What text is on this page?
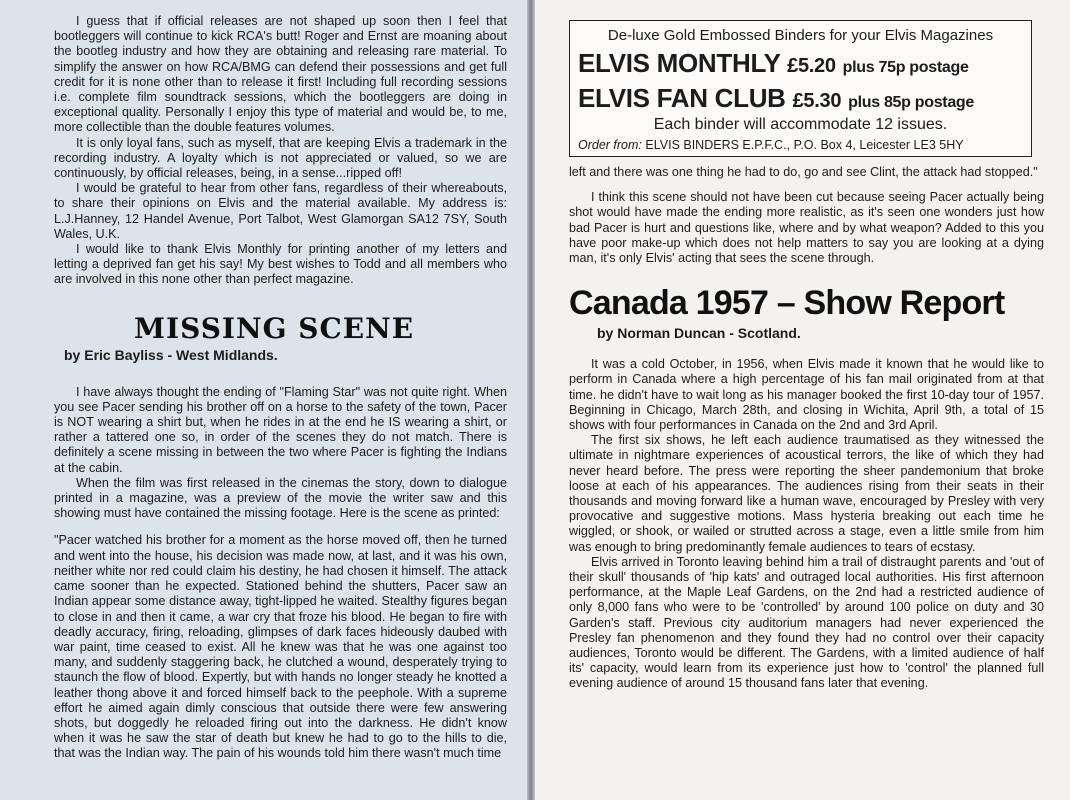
I guess that if official releases are not shaped up soon then I feel that bootleggers will continue to kick RCA's butt! Roger and Ernst are moaning about the bootleg industry and how they are obtaining and releasing rare material. To simplify the answer on how RCA/BMG can defend their possessions and get full credit for it is none other than to release it first! Including full recording sessions i.e. complete film soundtrack sessions, which the bootleggers are doing in exceptional quality. Personally I enjoy this type of material and would be, to me, more collectible than the double features volumes.

It is only loyal fans, such as myself, that are keeping Elvis a trademark in the recording industry. A loyalty which is not appreciated or valued, so we are continuously, by official releases, being, in a sense...ripped off!

I would be grateful to hear from other fans, regardless of their whereabouts, to share their opinions on Elvis and the material available. My address is: L.J.Hanney, 12 Handel Avenue, Port Talbot, West Glamorgan SA12 7SY, South Wales, U.K.

I would like to thank Elvis Monthly for printing another of my letters and letting a deprived fan get his say! My best wishes to Todd and all members who are involved in this none other than perfect magazine.

MISSING SCENE
by Eric Bayliss - West Midlands.

I have always thought the ending of "Flaming Star" was not quite right. When you see Pacer sending his brother off on a horse to the safety of the town, Pacer is NOT wearing a shirt but, when he rides in at the end he IS wearing a shirt, or rather a tattered one so, in order of the scenes they do not match. There is definitely a scene missing in between the two where Pacer is fighting the Indians at the cabin.

When the film was first released in the cinemas the story, down to dialogue printed in a magazine, was a preview of the movie the writer saw and this showing must have contained the missing footage. Here is the scene as printed:

"Pacer watched his brother for a moment as the horse moved off, then he turned and went into the house, his decision was made now, at last, and it was his own, neither white nor red could claim his destiny, he had chosen it himself. The attack came sooner than he expected. Stationed behind the shutters, Pacer saw an Indian appear some distance away, tight-lipped he waited. Stealthy figures began to close in and then it came, a war cry that froze his blood. He began to fire with deadly accuracy, firing, reloading, glimpses of dark faces hideously daubed with war paint, time ceased to exist. All he knew was that he was one against too many, and suddenly staggering back, he clutched a wound, desperately trying to staunch the flow of blood. Expertly, but with hands no longer steady he knotted a leather thong above it and forced himself back to the peephole. With a supreme effort he aimed again dimly conscious that outside there were few answering shots, but doggedly he reloaded firing out into the darkness. He didn't know when it was he saw the star of death but knew he had to go to the hills to die, that was the Indian way. The pain of his wounds told him there wasn't much time

De-luxe Gold Embossed Binders for your Elvis Magazines
ELVIS MONTHLY £5.20 plus 75p postage
ELVIS FAN CLUB £5.30 plus 85p postage
Each binder will accommodate 12 issues.
Order from: ELVIS BINDERS E.P.F.C., P.O. Box 4, Leicester LE3 5HY

left and there was one thing he had to do, go and see Clint, the attack had stopped."

I think this scene should not have been cut because seeing Pacer actually being shot would have made the ending more realistic, as it's seen one wonders just how bad Pacer is hurt and questions like, where and by what weapon? Added to this you have poor make-up which does not help matters to say you are looking at a dying man, it's only Elvis' acting that sees the scene through.

Canada 1957 – Show Report
by Norman Duncan - Scotland.

It was a cold October, in 1956, when Elvis made it known that he would like to perform in Canada where a high percentage of his fan mail originated from at that time. he didn't have to wait long as his manager booked the first 10-day tour of 1957. Beginning in Chicago, March 28th, and closing in Wichita, April 9th, a total of 15 shows with four performances in Canada on the 2nd and 3rd April.

The first six shows, he left each audience traumatised as they witnessed the ultimate in nightmare experiences of acoustical terrors, the like of which they had never heard before. The press were reporting the sheer pandemonium that broke loose at each of his appearances. The audiences rising from their seats in their thousands and moving forward like a human wave, encouraged by Presley with very provocative and suggestive motions. Mass hysteria breaking out each time he wiggled, or shook, or wailed or strutted across a stage, even a little smile from him was enough to bring predominantly female audiences to tears of ecstasy.

Elvis arrived in Toronto leaving behind him a trail of distraught parents and 'out of their skull' thousands of 'hip kats' and outraged local authorities. His first afternoon performance, at the Maple Leaf Gardens, on the 2nd had a restricted audience of only 8,000 fans who were to be 'controlled' by around 100 police on duty and 30 Garden's staff. Previous city auditorium managers had never experienced the Presley fan phenomenon and they found they had no control over their capacity audiences, Toronto would be different. The Gardens, with a limited audience of half its' capacity, would learn from its experience just how to 'control' the planned full evening audience of around 15 thousand fans later that evening.
